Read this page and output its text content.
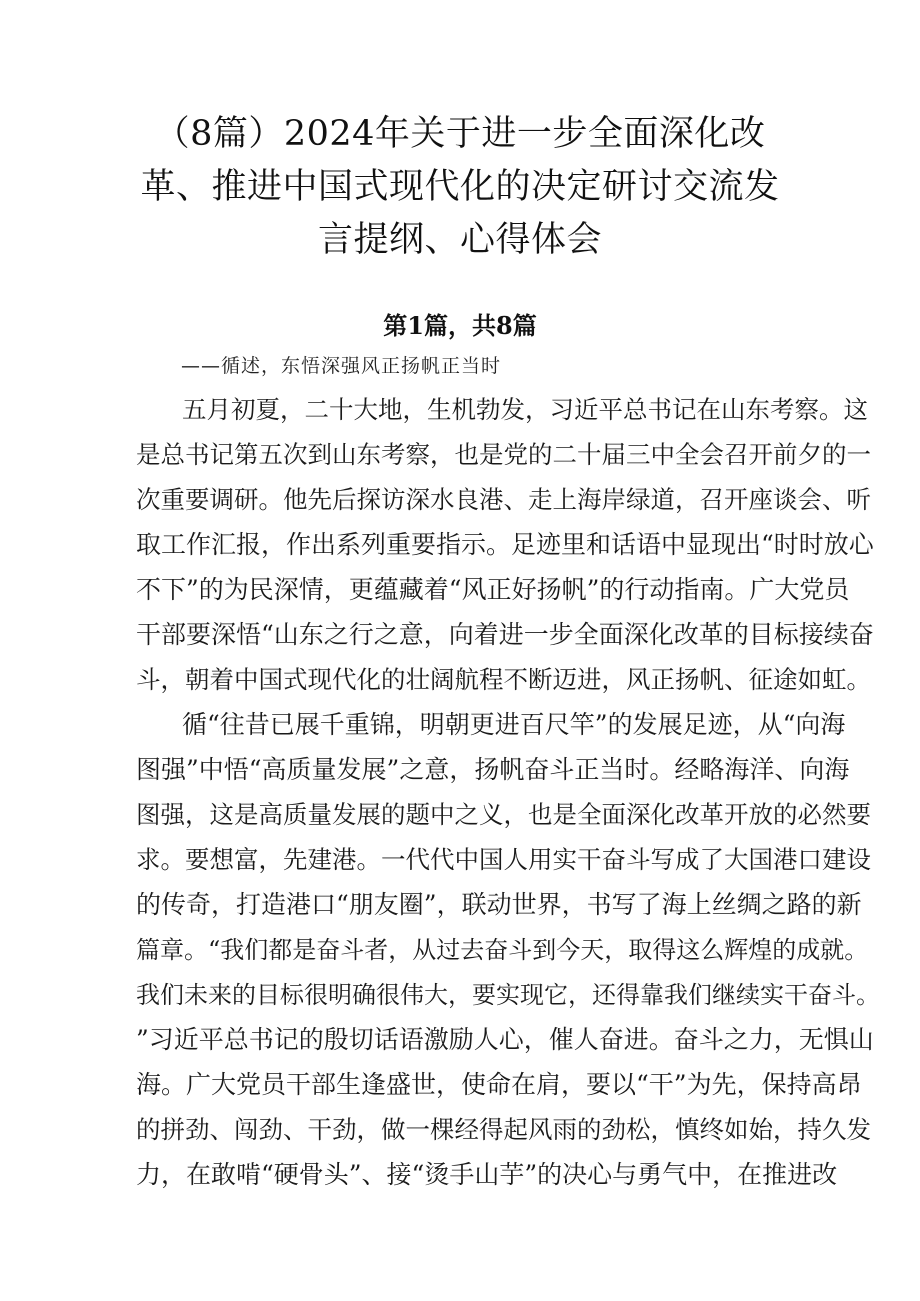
（8篇）2024年关于进一步全面深化改
革、推进中国式现代化的决定研讨交流发
言提纲、心得体会
第1篇，共8篇
——循述，东悟深强风正扬帆正当时
五月初夏，二十大地，生机勃发，习近平总书记在山东考察。这
是总书记第五次到山东考察，也是党的二十届三中全会召开前夕的一
次重要调研。他先后探访深水良港、走上海岸绿道，召开座谈会、听
取工作汇报，作出系列重要指示。足迹里和话语中显现出“时时放心
不下”的为民深情，更蕴藏着“风正好扬帆”的行动指南。广大党员
干部要深悟“山东之行之意，向着进一步全面深化改革的目标接续奋
斗，朝着中国式现代化的壮阔航程不断迈进，风正扬帆、征途如虹。
循“往昔已展千重锦，明朝更进百尺竿”的发展足迹，从“向海
图强”中悟“高质量发展”之意，扬帆奋斗正当时。经略海洋、向海
图强，这是高质量发展的题中之义，也是全面深化改革开放的必然要
求。要想富，先建港。一代代中国人用实干奋斗写成了大国港口建设
的传奇，打造港口“朋友圈”，联动世界，书写了海上丝绸之路的新
篇章。“我们都是奋斗者，从过去奋斗到今天，取得这么辉煌的成就。
我们未来的目标很明确很伟大，要实现它，还得靠我们继续实干奋斗。
”习近平总书记的殷切话语激励人心，催人奋进。奋斗之力，无惧山
海。广大党员干部生逢盛世，使命在肩，要以“干”为先，保持高昂
的拼劲、闯劲、干劲，做一棵经得起风雨的劲松，慎终如始，持久发
力，在敢啃“硬骨头”、接“烫手山芋”的决心与勇气中，在推进改
